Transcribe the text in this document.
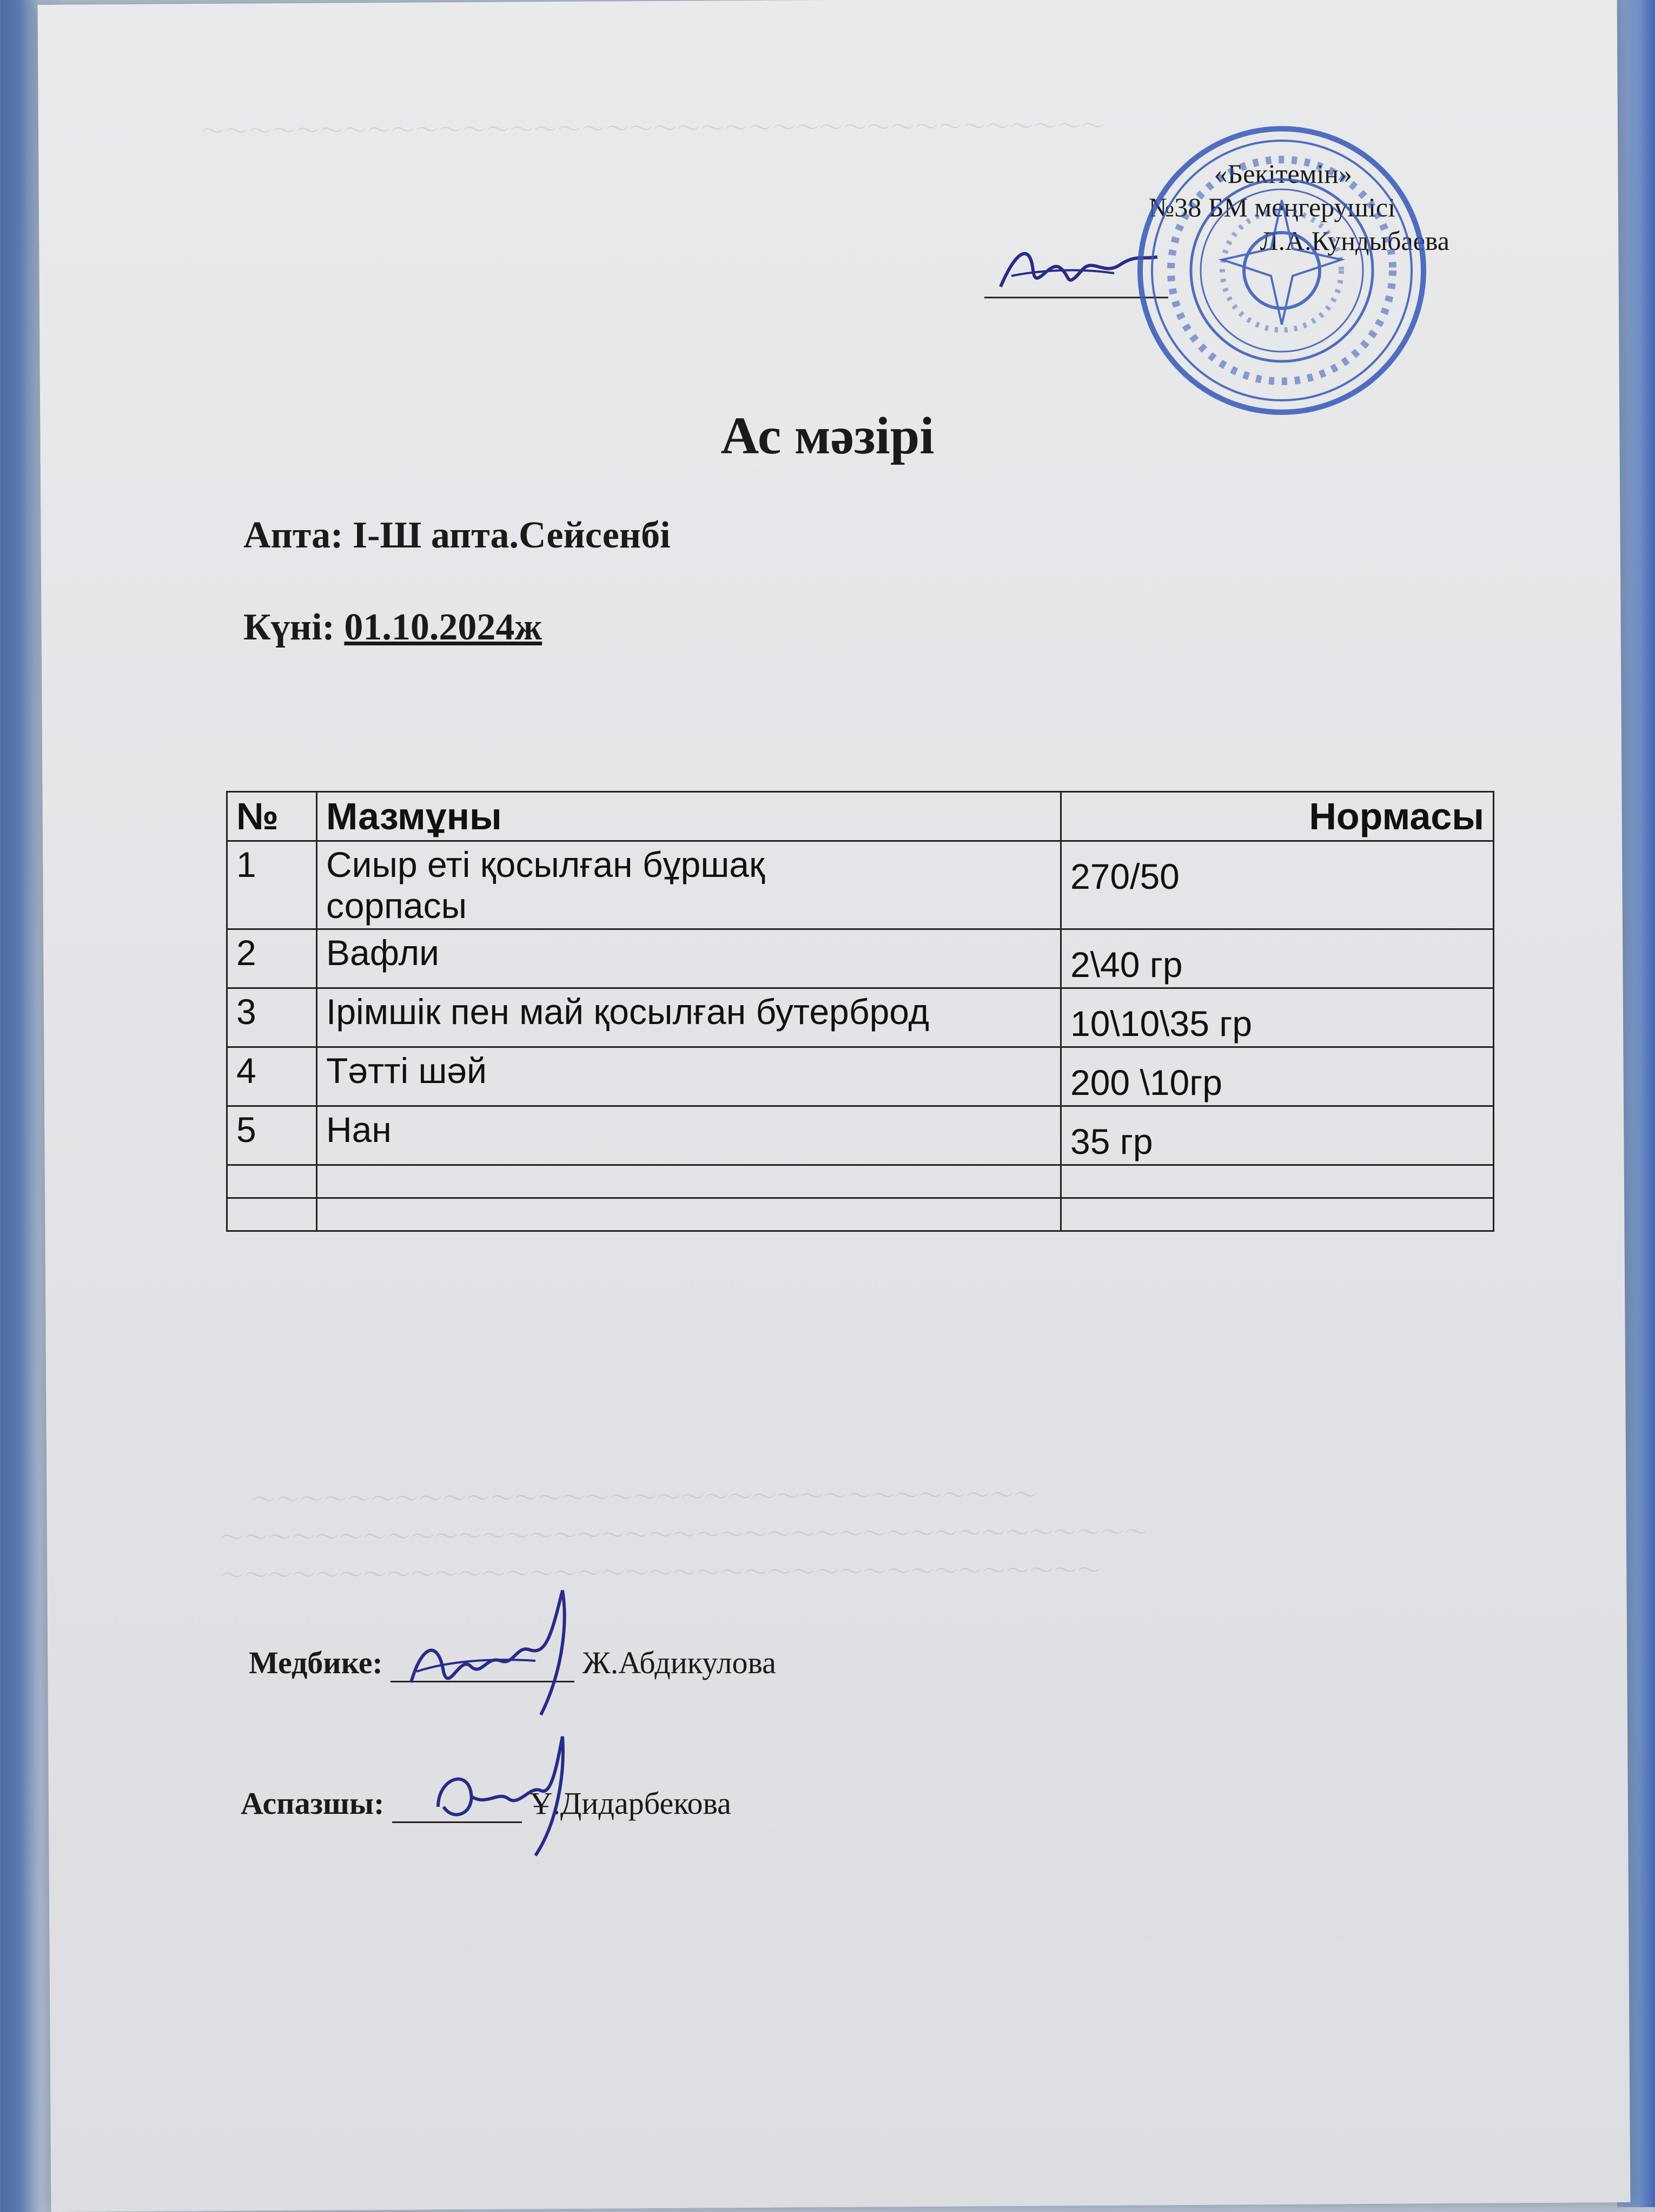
～～～～～～～～～～～～～～～～～～～～～～～～～～～～～～～～～～～～～～
～～～～～～～～～～～～～～～～～～～～～～～～～～～～～～～～～
～～～～～～～～～～～～～～～～～～～～～～～～～～～～～～～～～～～～～～～
～～～～～～～～～～～～～～～～～～～～～～～～～～～～～～～～～～～～～
«Бекітемін»
№38 БМ меңгерушісі
Л.А.Кундыбаева
Ас мәзірі
Апта: І-Ш апта.Сейсенбі
Күні: 01.10.2024ж
№	Мазмұны	Нормасы
1	Сиыр еті қосылған бұршақ сорпасы	270/50
2	Вафли	2\40 гр
3	Ірімшік пен май қосылған бутерброд	10\10\35 гр
4	Тәтті шәй	200 \10гр
5	Нан	35 гр

Медбике:	Ж.Абдикулова
Аспазшы:	Ұ.Дидарбекова
